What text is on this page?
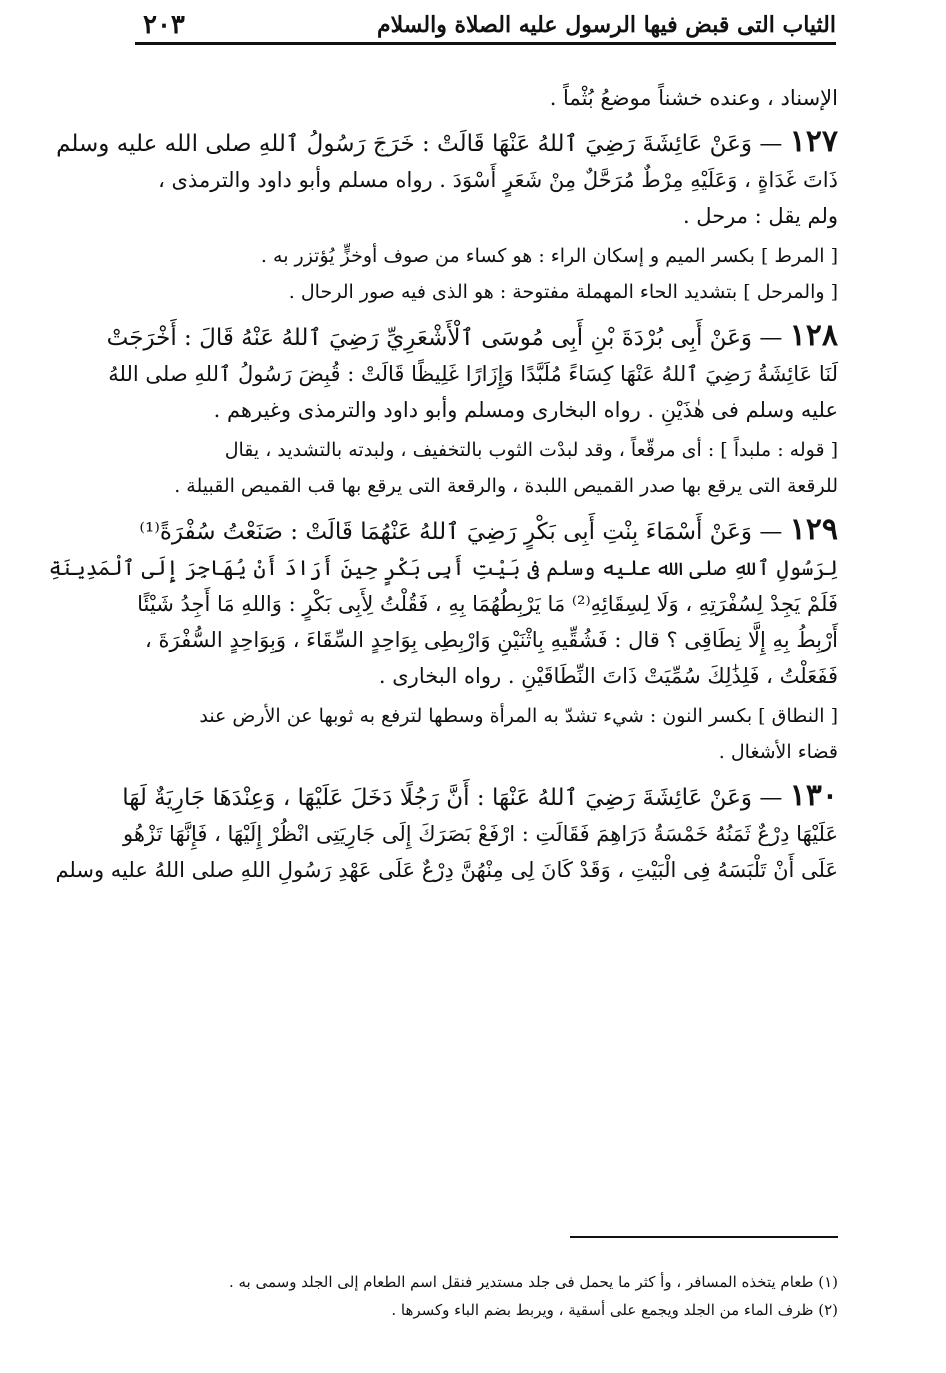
٢٠٣	الثياب التى قبض فيها الرسول عليه الصلاة والسلام
الإسناد ، وعنده خشناً موضعُ بُثْماً .
١٢٧ — وَعَنْ عَائِشَةَ رَضِيَ ٱللهُ عَنْهَا قَالَتْ : خَرَجَ رَسُولُ ٱللهِ صلى الله عليه وسلم
ذَاتَ غَدَاةٍ ، وَعَلَيْهِ مِرْطٌ مُرَحَّلٌ مِنْ شَعَرٍ أَسْوَدَ . رواه مسلم وأبو داود والترمذى ،
ولم يقل : مرحل .
[ المرط ] بكسر الميم و إسكان الراء : هو كساء من صوف أوخزٍّ يُؤتزر به .
[ والمرحل ] بتشديد الحاء المهملة مفتوحة : هو الذى فيه صور الرحال .
١٢٨ — وَعَنْ أَبِى بُرْدَةَ بْنِ أَبِى مُوسَى ٱلْأَشْعَرِيِّ رَضِيَ ٱللهُ عَنْهُ قَالَ : أَخْرَجَتْ
لَنَا عَائِشَةُ رَضِيَ ٱللهُ عَنْهَا كِسَاءً مُلَبَّدًا وَإِزَارًا غَلِيظًا قَالَتْ : قُبِضَ رَسُولُ ٱللهِ صلى اللهُ
عليه وسلم فى هٰذَيْنِ . رواه البخارى ومسلم وأبو داود والترمذى وغيرهم .
[ قوله : ملبداً ] : أى مرقّعاً ، وقد لبدْت الثوب بالتخفيف ، ولبدته بالتشديد ، يقال
للرقعة التى يرقع بها صدر القميص اللبدة ، والرقعة التى يرقع بها قب القميص القبيلة .
١٢٩ — وَعَنْ أَسْمَاءَ بِنْتِ أَبِى بَكْرٍ رَضِيَ ٱللهُ عَنْهُمَا قَالَتْ : صَنَعْتُ سُفْرَةً⁽¹⁾
لِرَسُولِ ٱللهِ صلى الله عليه وسلم فى بَيْتِ أَبِى بَكْرٍ حِينَ أَرَادَ أَنْ يُهَاجِرَ إِلَى ٱلْمَدِينَةِ
فَلَمْ يَجِدْ لِسُفْرَتِهِ ، وَلَا لِسِقَائِهِ⁽²⁾ مَا يَرْبِطُهُمَا بِهِ ، فَقُلْتُ لِأَبِى بَكْرٍ : وَاللهِ مَا أَجِدُ شَيْئًا
أَرْبِطُ بِهِ إِلَّا نِطَاقِى ؟ قال : فَشُقِّيهِ بِاثْنَيْنِ وَارْبِطِى بِوَاحِدٍ السِّقَاءَ ، وَبِوَاحِدٍ السُّفْرَةَ ،
فَفَعَلْتُ ، فَلِذَٰلِكَ سُمِّيَتْ ذَاتَ النِّطَاقَيْنِ . رواه البخارى .
[ النطاق ] بكسر النون : شيء تشدّ به المرأة وسطها لترفع به ثوبها عن الأرض عند
قضاء الأشغال .
١٣٠ — وَعَنْ عَائِشَةَ رَضِيَ ٱللهُ عَنْهَا : أَنَّ رَجُلًا دَخَلَ عَلَيْهَا ، وَعِنْدَهَا جَارِيَةٌ لَهَا
عَلَيْهَا دِرْعٌ ثَمَنُهُ خَمْسَةُ دَرَاهِمَ فَقَالَتِ : ارْفَعْ بَصَرَكَ إِلَى جَارِيَتِى انْظُرْ إِلَيْهَا ، فَإِنَّهَا تَزْهُو
عَلَى أَنْ تَلْبَسَهُ فِى الْبَيْتِ ، وَقَدْ كَانَ لِى مِنْهُنَّ دِرْعٌ عَلَى عَهْدِ رَسُولِ اللهِ صلى اللهُ عليه وسلم
(١) طعام يتخذه المسافر ، وأ كثر ما يحمل فى جلد مستدير فنقل اسم الطعام إلى الجلد وسمى به .
(٢) ظرف الماء من الجلد ويجمع على أسقية ، ويربط بضم الباء وكسرها .
